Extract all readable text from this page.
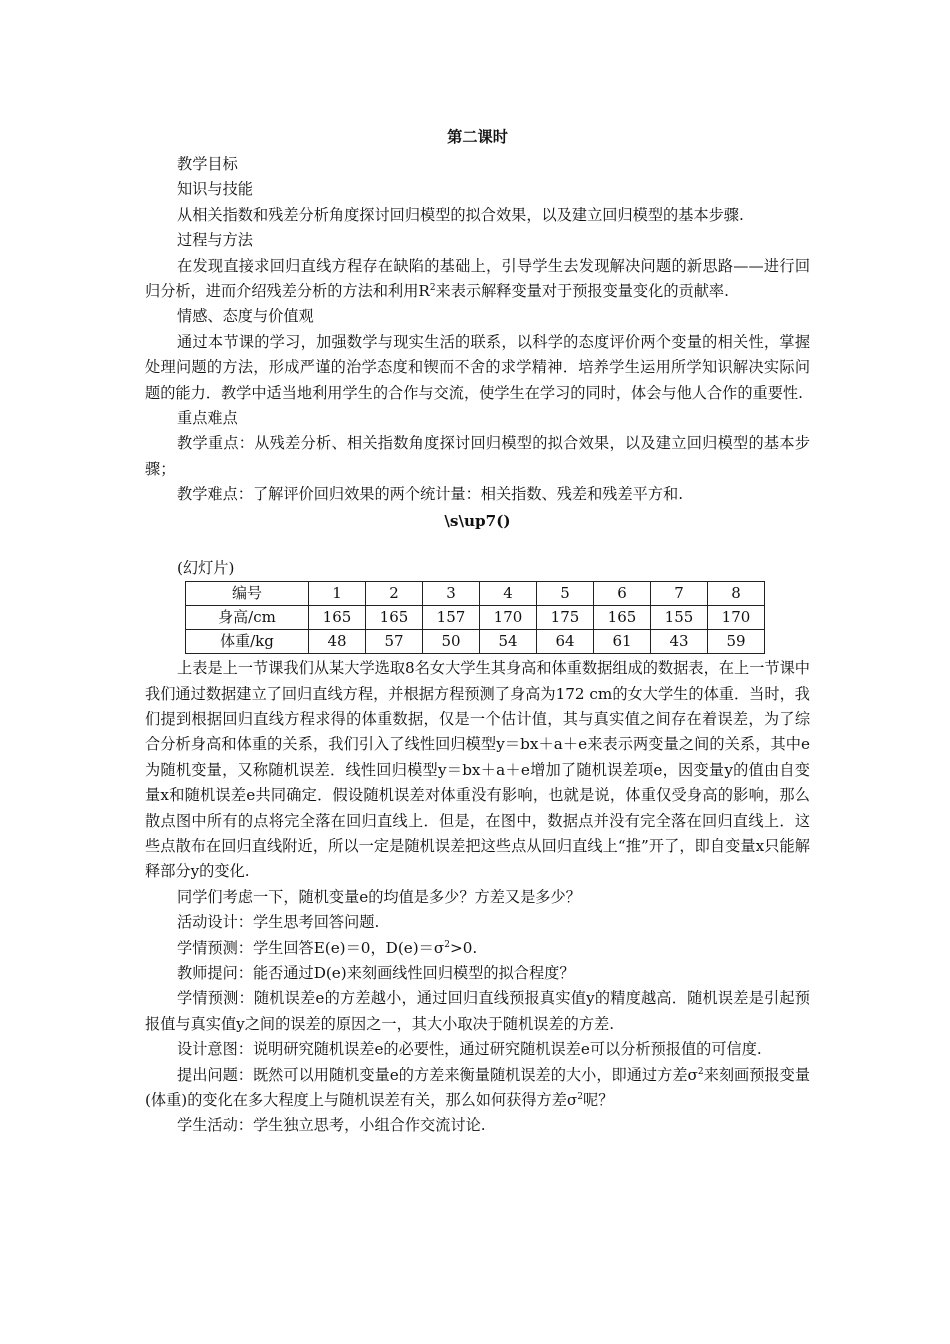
第二课时

教学目标

知识与技能

从相关指数和残差分析角度探讨回归模型的拟合效果，以及建立回归模型的基本步骤.

过程与方法

在发现直接求回归直线方程存在缺陷的基础上，引导学生去发现解决问题的新思路——进行回归分析，进而介绍残差分析的方法和利用$R^2$来表示解释变量对于预报变量变化的贡献率.

情感、态度与价值观

通过本节课的学习，加强数学与现实生活的联系，以科学的态度评价两个变量的相关性，掌握处理问题的方法，形成严谨的治学态度和锲而不舍的求学精神．培养学生运用所学知识解决实际问题的能力．教学中适当地利用学生的合作与交流，使学生在学习的同时，体会与他人合作的重要性.

重点难点

教学重点：从残差分析、相关指数角度探讨回归模型的拟合效果，以及建立回归模型的基本步骤；

教学难点：了解评价回归效果的两个统计量：相关指数、残差和残差平方和.

\s\up7()

(幻灯片)

编号	1	2	3	4	5	6	7	8
身高/cm	165	165	157	170	175	165	155	170
体重/kg	48	57	50	54	64	61	43	59

上表是上一节课我们从某大学选取8名女大学生其身高和体重数据组成的数据表，在上一节课中我们通过数据建立了回归直线方程，并根据方程预测了身高为172 cm的女大学生的体重．当时，我们提到根据回归直线方程求得的体重数据，仅是一个估计值，其与真实值之间存在着误差，为了综合分析身高和体重的关系，我们引入了线性回归模型y＝bx＋a＋e来表示两变量之间的关系，其中e为随机变量，又称随机误差．线性回归模型y＝bx＋a＋e增加了随机误差项e，因变量y的值由自变量x和随机误差e共同确定．假设随机误差对体重没有影响，也就是说，体重仅受身高的影响，那么散点图中所有的点将完全落在回归直线上．但是，在图中，数据点并没有完全落在回归直线上．这些点散布在回归直线附近，所以一定是随机误差把这些点从回归直线上“推”开了，即自变量x只能解释部分y的变化.

同学们考虑一下，随机变量e的均值是多少？方差又是多少？

活动设计：学生思考回答问题.

学情预测：学生回答E(e)＝0，$D(e)=\sigma^2>0$.

教师提问：能否通过D(e)来刻画线性回归模型的拟合程度？

学情预测：随机误差e的方差越小，通过回归直线预报真实值y的精度越高．随机误差是引起预报值与真实值y之间的误差的原因之一，其大小取决于随机误差的方差.

设计意图：说明研究随机误差e的必要性，通过研究随机误差e可以分析预报值的可信度.

提出问题：既然可以用随机变量e的方差来衡量随机误差的大小，即通过方差$\sigma^2$来刻画预报变量(体重)的变化在多大程度上与随机误差有关，那么如何获得方差$\sigma^2$呢？

学生活动：学生独立思考，小组合作交流讨论.
